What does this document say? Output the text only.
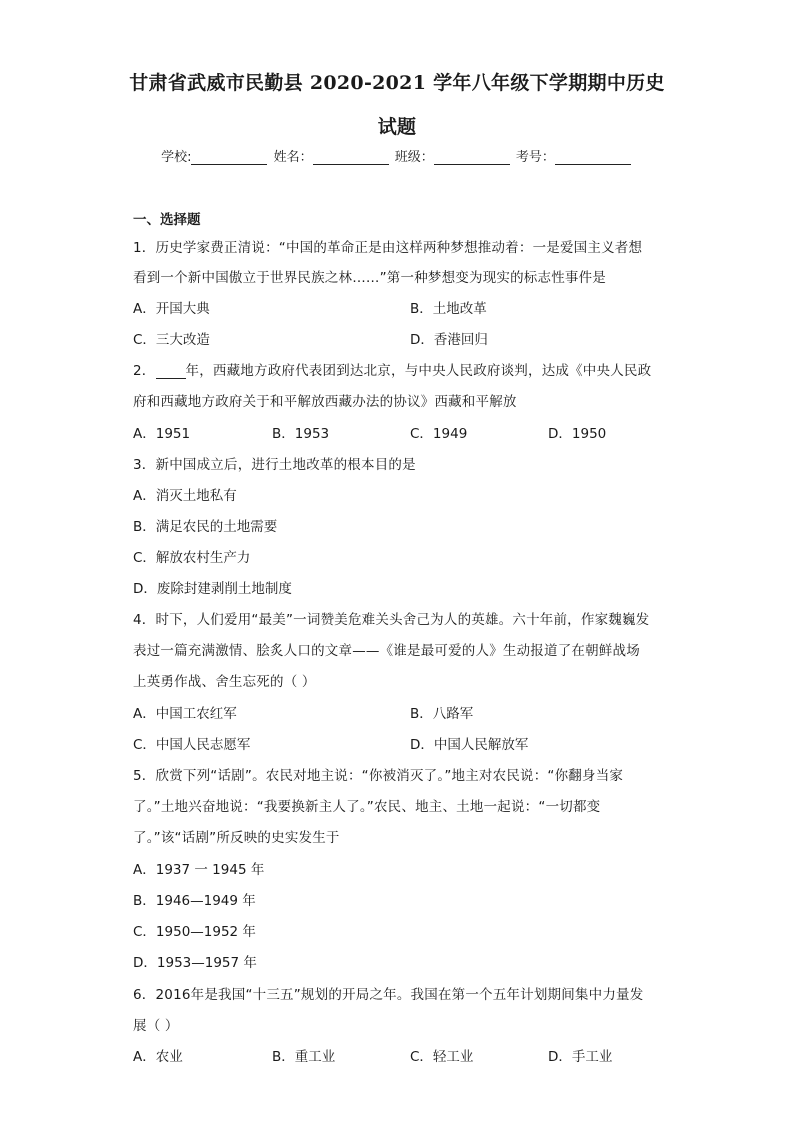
甘肃省武威市民勤县 2020-2021 学年八年级下学期期中历史
试题
学校:	姓名：	班级：	考号：
一、选择题
1．历史学家费正清说：“中国的革命正是由这样两种梦想推动着：一是爱国主义者想
看到一个新中国傲立于世界民族之林……”第一种梦想变为现实的标志性事件是
A．开国大典	B．土地改革
C．三大改造	D．香港回归
2． 年，西藏地方政府代表团到达北京，与中央人民政府谈判，达成《中央人民政
府和西藏地方政府关于和平解放西藏办法的协议》西藏和平解放
A．1951	B．1953	C．1949	D．1950
3．新中国成立后，进行土地改革的根本目的是
A．消灭土地私有
B．满足农民的土地需要
C．解放农村生产力
D．废除封建剥削土地制度
4．时下，人们爱用“最美”一词赞美危难关头舍己为人的英雄。六十年前，作家魏巍发
表过一篇充满激情、脍炙人口的文章——《谁是最可爱的人》生动报道了在朝鲜战场
上英勇作战、舍生忘死的（ ）
A．中国工农红军	B．八路军
C．中国人民志愿军	D．中国人民解放军
5．欣赏下列“话剧”。农民对地主说：“你被消灭了。”地主对农民说：“你翻身当家
了。”土地兴奋地说：“我要换新主人了。”农民、地主、土地一起说：“一切都变
了。”该“话剧”所反映的史实发生于
A．1937 一 1945 年
B．1946—1949 年
C．1950—1952 年
D．1953—1957 年
6．2016年是我国“十三五”规划的开局之年。我国在第一个五年计划期间集中力量发
展（ ）
A．农业	B．重工业	C．轻工业	D．手工业
